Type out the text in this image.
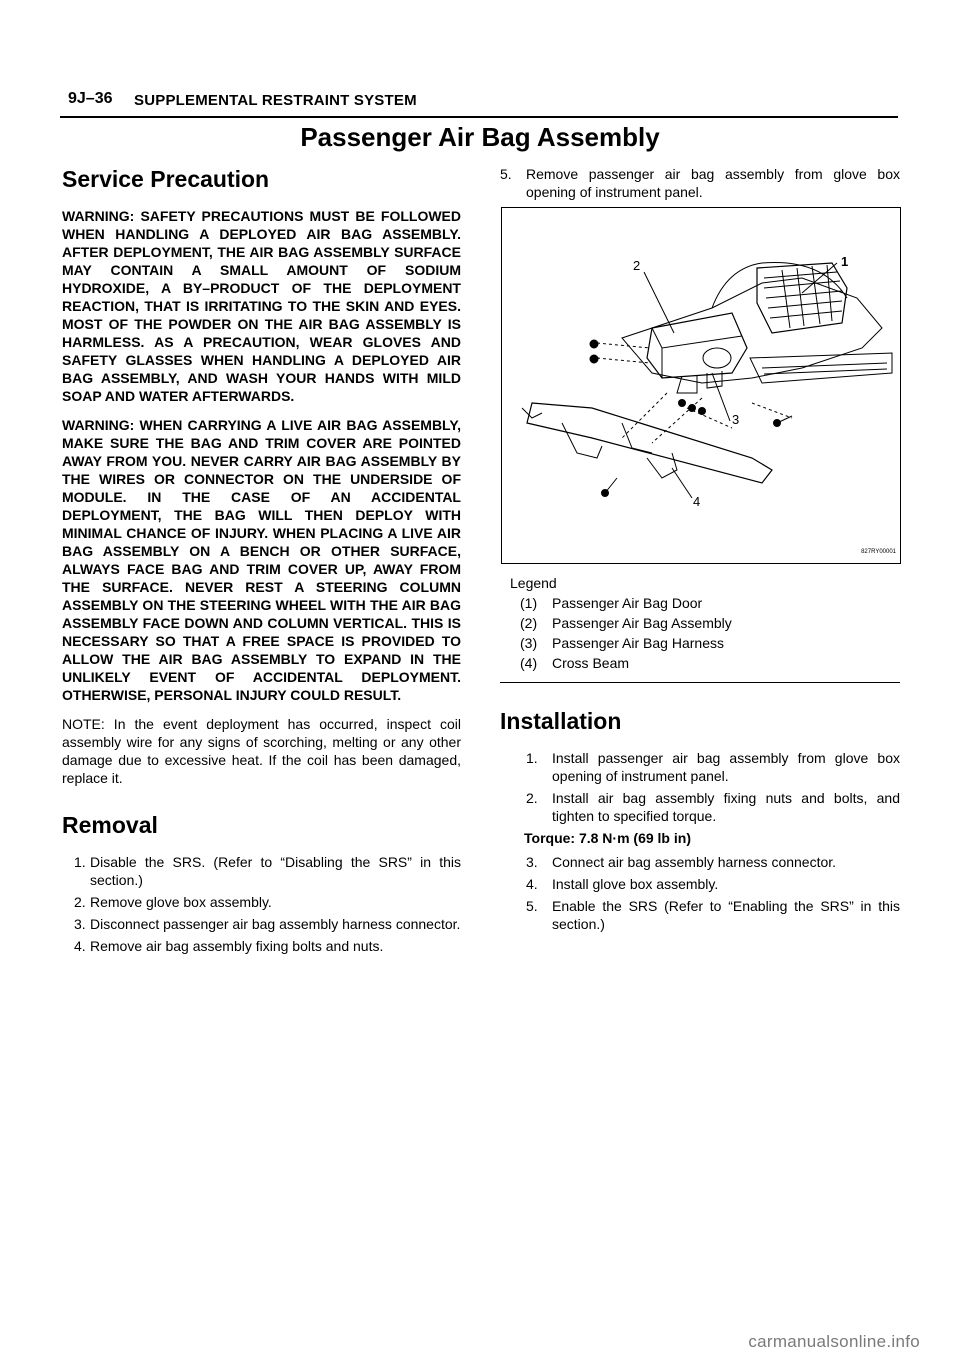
9J–36 SUPPLEMENTAL RESTRAINT SYSTEM
Passenger Air Bag Assembly
Service Precaution

WARNING: SAFETY PRECAUTIONS MUST BE FOLLOWED WHEN HANDLING A DEPLOYED AIR BAG ASSEMBLY. AFTER DEPLOYMENT, THE AIR BAG ASSEMBLY SURFACE MAY CONTAIN A SMALL AMOUNT OF SODIUM HYDROXIDE, A BY–PRODUCT OF THE DEPLOYMENT REACTION, THAT IS IRRITATING TO THE SKIN AND EYES. MOST OF THE POWDER ON THE AIR BAG ASSEMBLY IS HARMLESS. AS A PRECAUTION, WEAR GLOVES AND SAFETY GLASSES WHEN HANDLING A DEPLOYED AIR BAG ASSEMBLY, AND WASH YOUR HANDS WITH MILD SOAP AND WATER AFTERWARDS.

WARNING: WHEN CARRYING A LIVE AIR BAG ASSEMBLY, MAKE SURE THE BAG AND TRIM COVER ARE POINTED AWAY FROM YOU. NEVER CARRY AIR BAG ASSEMBLY BY THE WIRES OR CONNECTOR ON THE UNDERSIDE OF MODULE. IN THE CASE OF AN ACCIDENTAL DEPLOYMENT, THE BAG WILL THEN DEPLOY WITH MINIMAL CHANCE OF INJURY. WHEN PLACING A LIVE AIR BAG ASSEMBLY ON A BENCH OR OTHER SURFACE, ALWAYS FACE BAG AND TRIM COVER UP, AWAY FROM THE SURFACE. NEVER REST A STEERING COLUMN ASSEMBLY ON THE STEERING WHEEL WITH THE AIR BAG ASSEMBLY FACE DOWN AND COLUMN VERTICAL. THIS IS NECESSARY SO THAT A FREE SPACE IS PROVIDED TO ALLOW THE AIR BAG ASSEMBLY TO EXPAND IN THE UNLIKELY EVENT OF ACCIDENTAL DEPLOYMENT. OTHERWISE, PERSONAL INJURY COULD RESULT.

NOTE: In the event deployment has occurred, inspect coil assembly wire for any signs of scorching, melting or any other damage due to excessive heat. If the coil has been damaged, replace it.

Removal
1. Disable the SRS. (Refer to “Disabling the SRS” in this section.)
2. Remove glove box assembly.
3. Disconnect passenger air bag assembly harness connector.
4. Remove air bag assembly fixing bolts and nuts.
5. Remove passenger air bag assembly from glove box opening of instrument panel.
2	1
3
4
827RY00001
Legend
(1) Passenger Air Bag Door
(2) Passenger Air Bag Assembly
(3) Passenger Air Bag Harness
(4) Cross Beam
Installation
1. Install passenger air bag assembly from glove box opening of instrument panel.
2. Install air bag assembly fixing nuts and bolts, and tighten to specified torque.
Torque: 7.8 N·m (69 lb in)
3. Connect air bag assembly harness connector.
4. Install glove box assembly.
5. Enable the SRS (Refer to “Enabling the SRS” in this section.)
carmanualsonline.info
